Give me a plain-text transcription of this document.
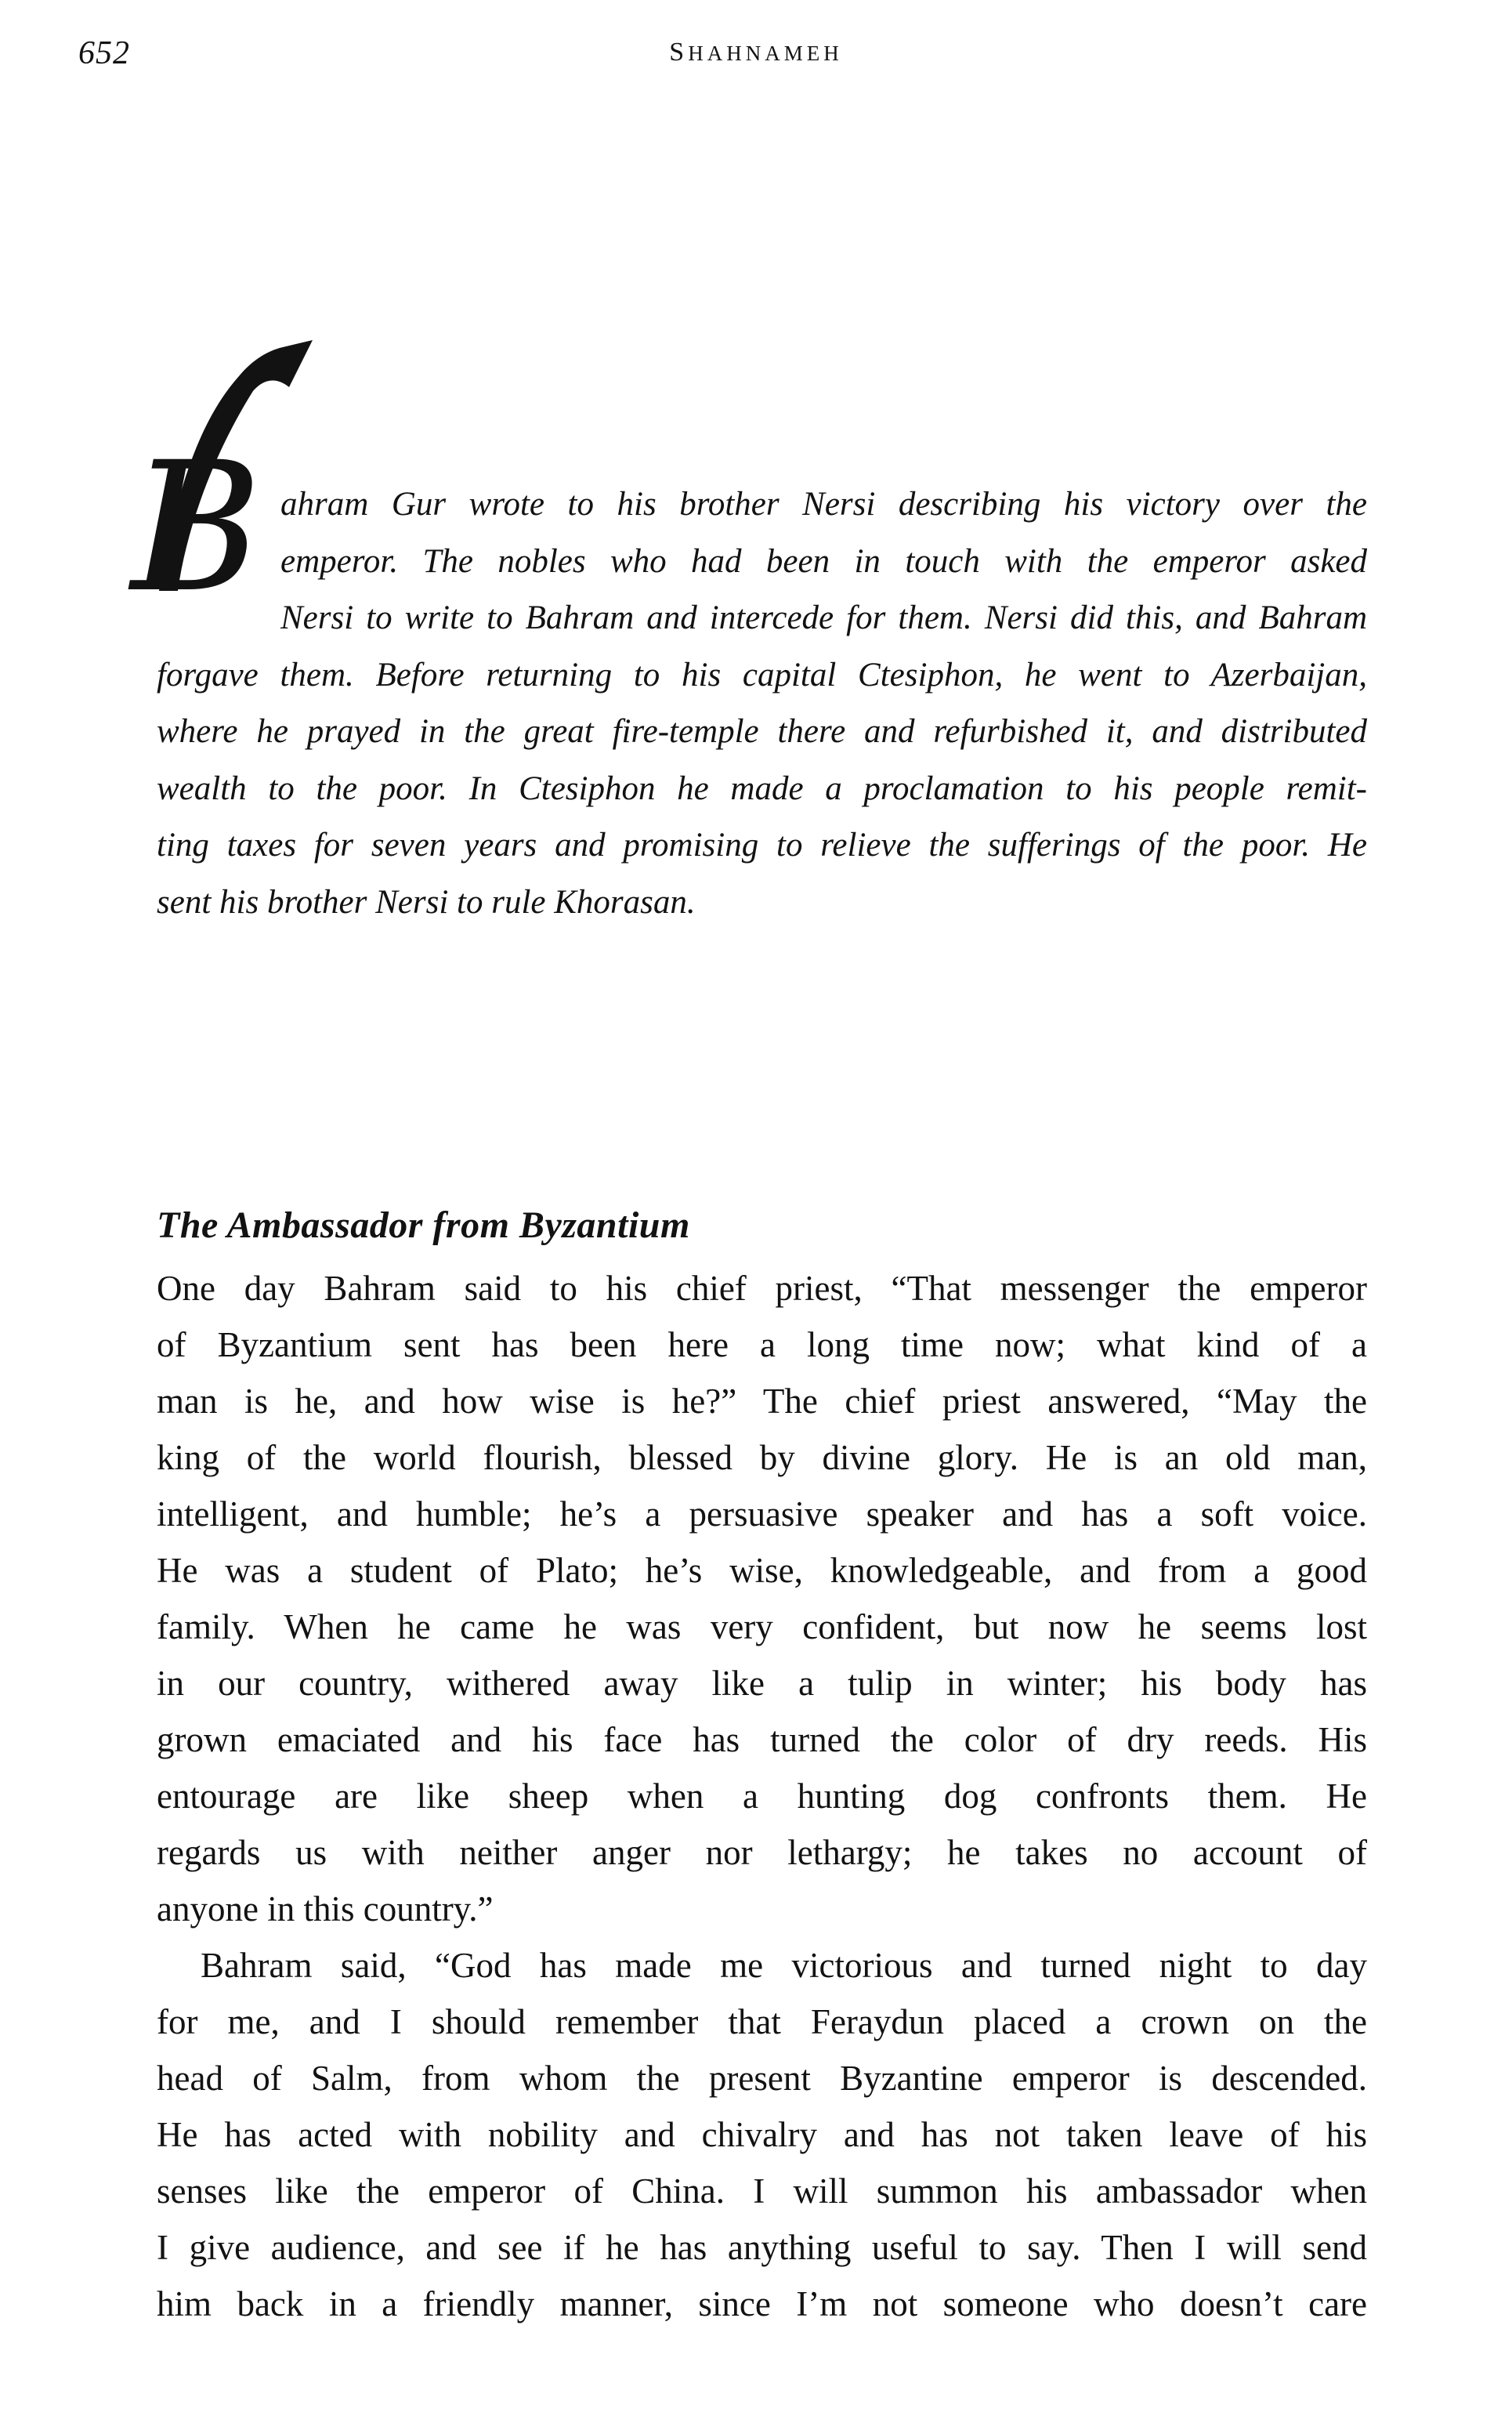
652	SHAHNAMEH
B ahram Gur wrote to his brother Nersi describing his victory over the
emperor. The nobles who had been in touch with the emperor asked
Nersi to write to Bahram and intercede for them. Nersi did this, and Bahram
forgave them. Before returning to his capital Ctesiphon, he went to Azerbaijan,
where he prayed in the great fire-temple there and refurbished it, and distributed
wealth to the poor. In Ctesiphon he made a proclamation to his people remit-
ting taxes for seven years and promising to relieve the sufferings of the poor. He
sent his brother Nersi to rule Khorasan.
The Ambassador from Byzantium
One day Bahram said to his chief priest, “That messenger the emperor
of Byzantium sent has been here a long time now; what kind of a
man is he, and how wise is he?” The chief priest answered, “May the
king of the world flourish, blessed by divine glory. He is an old man,
intelligent, and humble; he’s a persuasive speaker and has a soft voice.
He was a student of Plato; he’s wise, knowledgeable, and from a good
family. When he came he was very confident, but now he seems lost
in our country, withered away like a tulip in winter; his body has
grown emaciated and his face has turned the color of dry reeds. His
entourage are like sheep when a hunting dog confronts them. He
regards us with neither anger nor lethargy; he takes no account of
anyone in this country.”
Bahram said, “God has made me victorious and turned night to day
for me, and I should remember that Feraydun placed a crown on the
head of Salm, from whom the present Byzantine emperor is descended.
He has acted with nobility and chivalry and has not taken leave of his
senses like the emperor of China. I will summon his ambassador when
I give audience, and see if he has anything useful to say. Then I will send
him back in a friendly manner, since I’m not someone who doesn’t care
